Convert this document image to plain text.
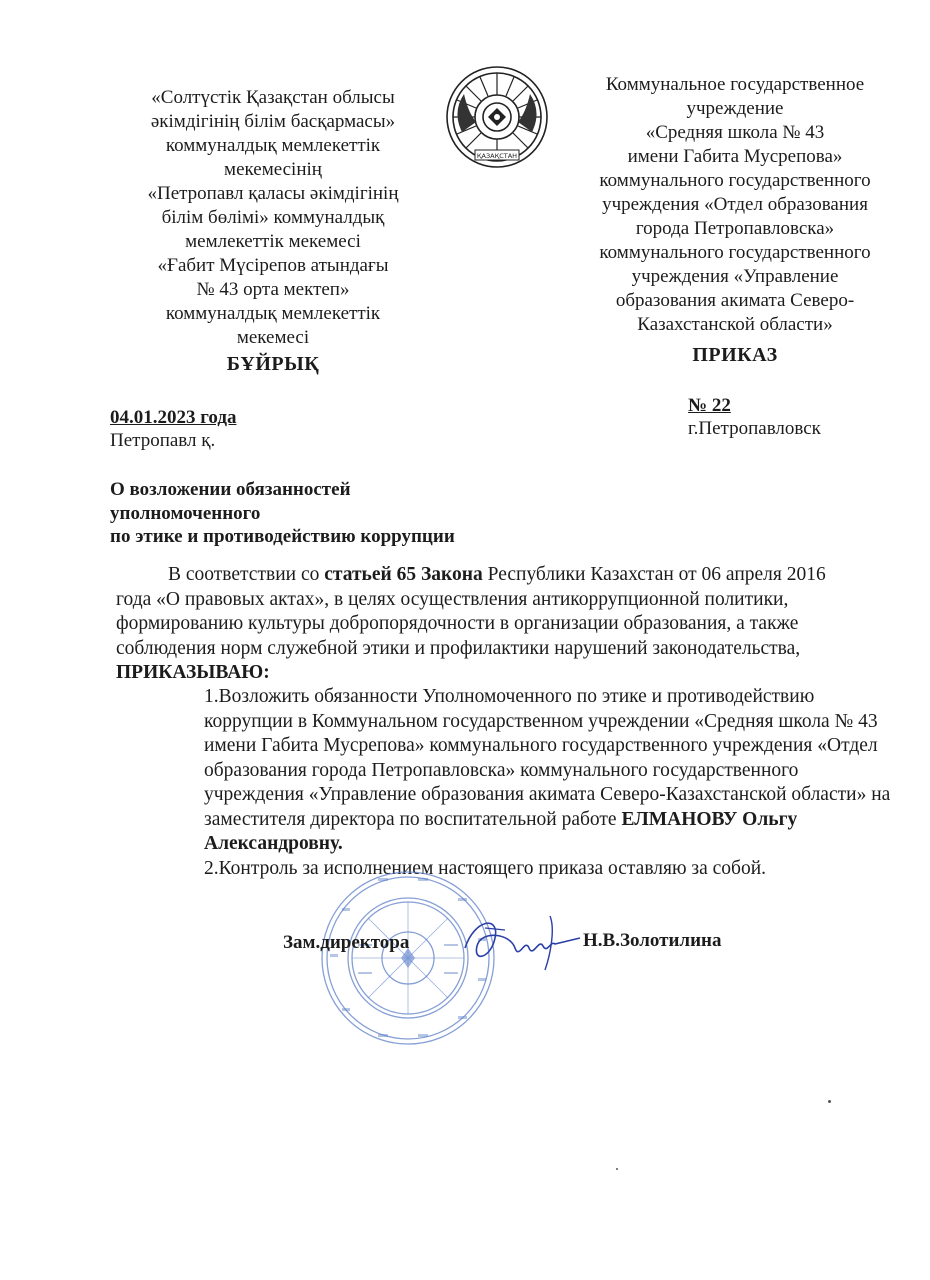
«Солтүстік Қазақстан облысы
әкімдігінің білім басқармасы»
коммуналдық мемлекеттік
мекемесінің
«Петропавл қаласы әкімдігінің
білім бөлімі» коммуналдық
мемлекеттік мекемесі
«Ғабит Мүсірепов атындағы
№ 43 орта мектеп»
коммуналдық мемлекеттік
мекемесі
БҰЙРЫҚ
ҚАЗАҚСТАН
Коммунальное государственное
учреждение
«Средняя школа № 43
имени Габита Мусрепова»
коммунального государственного
учреждения «Отдел образования
города Петропавловска»
коммунального государственного
учреждения «Управление
образования акимата Северо-
Казахстанской области»
ПРИКАЗ
04.01.2023 года
Петропавл қ.
№ 22
г.Петропавловск
О возложении обязанностей
уполномоченного
по этике и противодействию коррупции
В соответствии со статьей 65 Закона Республики Казахстан от 06 апреля 2016 года «О правовых актах», в целях осуществления антикоррупционной политики, формированию культуры добропорядочности в организации образования, а также соблюдения норм служебной этики и профилактики нарушений законодательства, ПРИКАЗЫВАЮ:
1.Возложить обязанности Уполномоченного по этике и противодействию коррупции в Коммунальном государственном учреждении «Средняя школа № 43 имени Габита Мусрепова» коммунального государственного учреждения «Отдел образования города Петропавловска» коммунального государственного учреждения «Управление образования акимата Северо-Казахстанской области» на заместителя директора по воспитательной работе ЕЛМАНОВУ Ольгу Александровну.
2.Контроль за исполнением настоящего приказа оставляю за собой.
Зам.директора	Н.В.Золотилина
